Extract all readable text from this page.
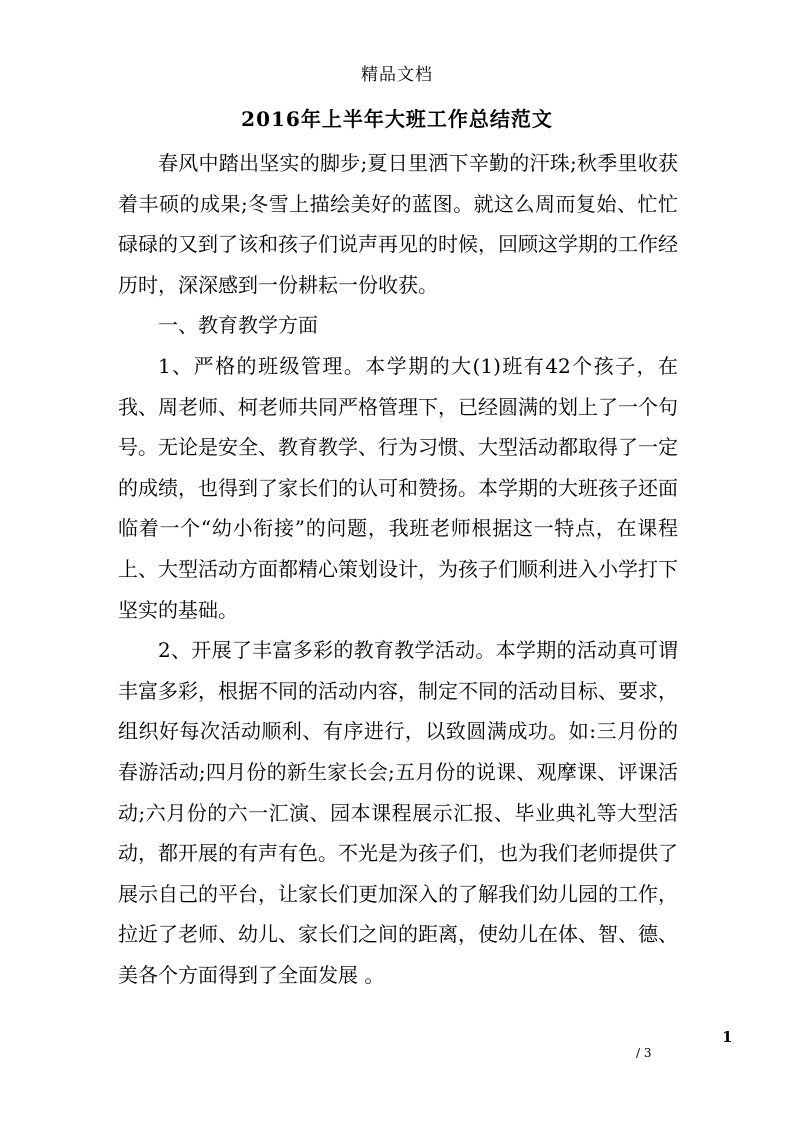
精品文档
2016年上半年大班工作总结范文

春风中踏出坚实的脚步;夏日里洒下辛勤的汗珠;秋季里收获着丰硕的成果;冬雪上描绘美好的蓝图。就这么周而复始、忙忙碌碌的又到了该和孩子们说声再见的时候，回顾这学期的工作经历时，深深感到一份耕耘一份收获。

一、教育教学方面

1、严格的班级管理。本学期的大(1)班有42个孩子，在我、周老师、柯老师共同严格管理下，已经圆满的划上了一个句号。无论是安全、教育教学、行为习惯、大型活动都取得了一定的成绩，也得到了家长们的认可和赞扬。本学期的大班孩子还面临着一个“幼小衔接”的问题，我班老师根据这一特点，在课程上、大型活动方面都精心策划设计，为孩子们顺利进入小学打下坚实的基础。

2、开展了丰富多彩的教育教学活动。本学期的活动真可谓丰富多彩，根据不同的活动内容，制定不同的活动目标、要求，组织好每次活动顺利、有序进行，以致圆满成功。如:三月份的春游活动;四月份的新生家长会;五月份的说课、观摩课、评课活动;六月份的六一汇演、园本课程展示汇报、毕业典礼等大型活动，都开展的有声有色。不光是为孩子们，也为我们老师提供了展示自己的平台，让家长们更加深入的了解我们幼儿园的工作，拉近了老师、幼儿、家长们之间的距离，使幼儿在体、智、德、美各个方面得到了全面发展 。

1
/ 3
